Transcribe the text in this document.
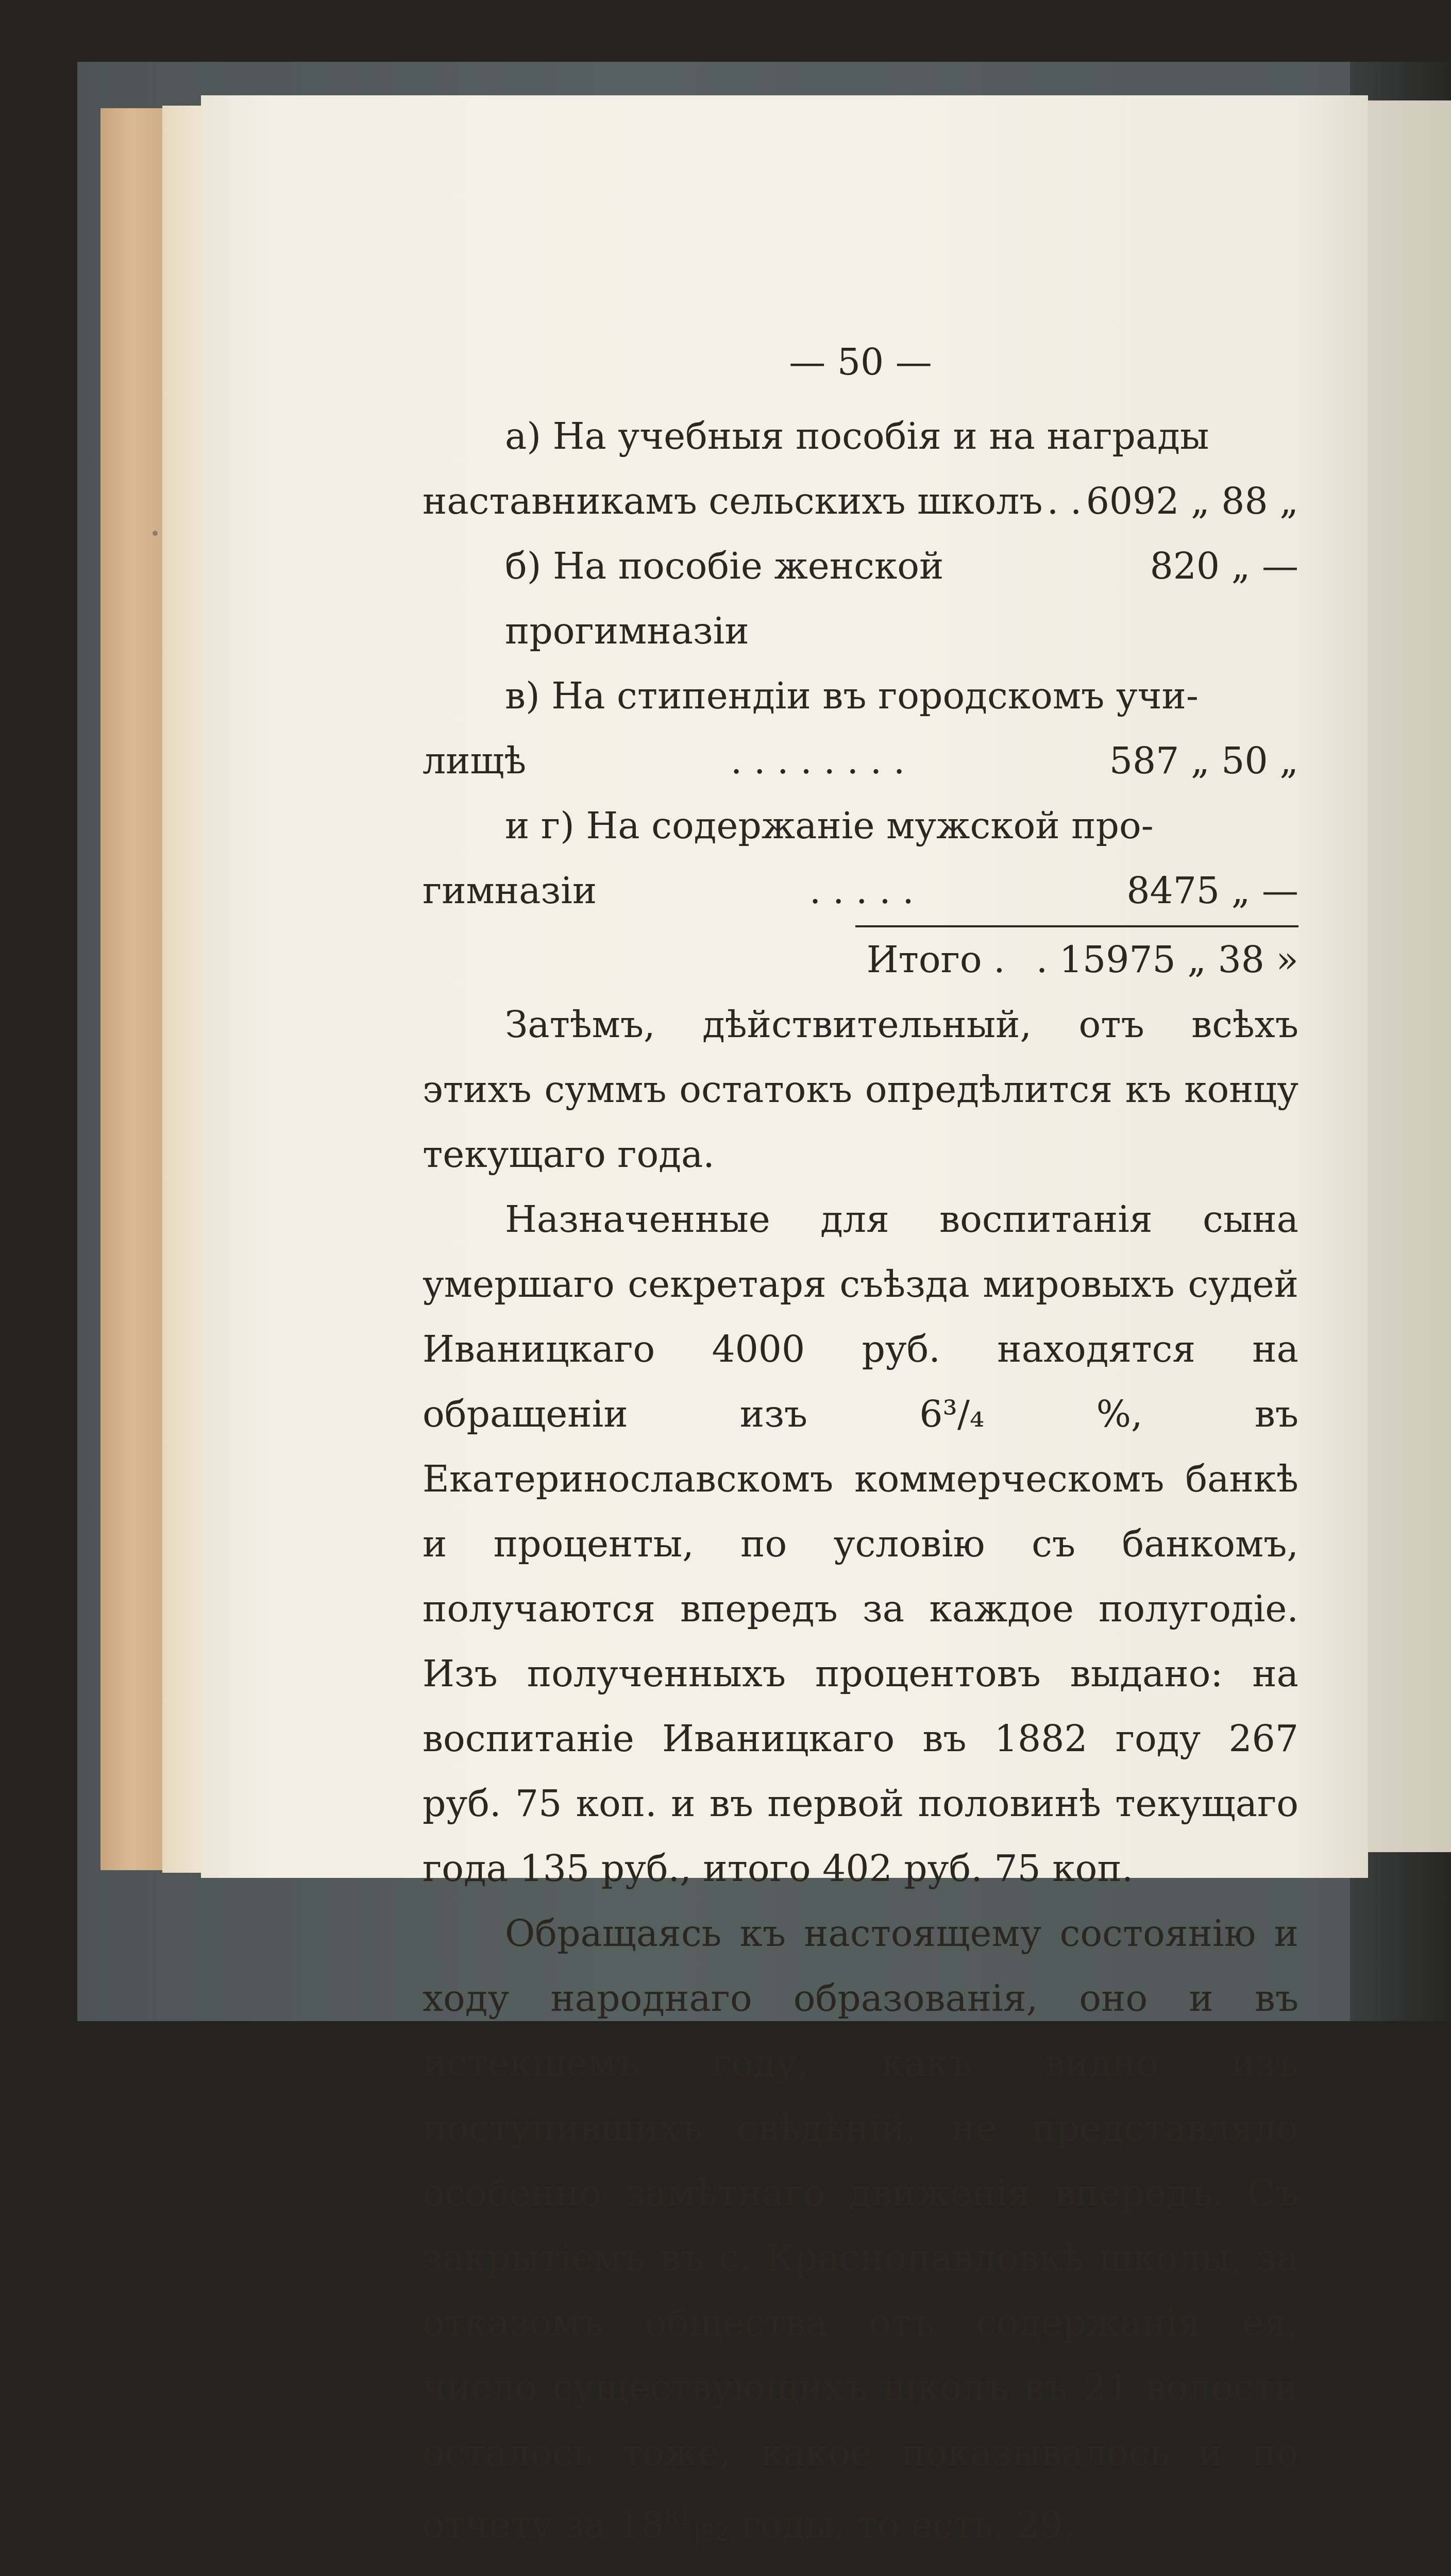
— 50 —
а) На учебныя пособія и на награды
наставникамъ сельскихъ школъ . . 6092 „ 88 „
б) На пособіе женской прогимназіи
820 „ —
в) На стипендіи въ городскомъ учи-
лищѣ	. . . . . . . .	587 „ 50 „
и г) На содержаніе мужской про-
гимназіи	. . . . .	8475 „ —
Итого . . 15975 „ 38 »

Затѣмъ, дѣйствительный, отъ всѣхъ этихъ суммъ остатокъ опредѣлится къ концу текущаго года.

Назначенные для воспитанія сына умершаго секретаря съѣзда мировыхъ судей Иваницкаго 4000 руб. находятся на обращеніи изъ 6³/₄ %, въ Екатеринославскомъ коммерческомъ банкѣ и проценты, по условію съ банкомъ, получаются впередъ за каждое полугодіе. Изъ полученныхъ процентовъ выдано: на воспитаніе Иваницкаго въ 1882 году 267 руб. 75 коп. и въ первой половинѣ текущаго года 135 руб., итого 402 руб. 75 коп.

Обращаясь къ настоящему состоянію и ходу народнаго образованія, оно и въ истекшемъ году, какъ видно изъ поступившихъ свѣдѣній, не представляло особенно замѣтнаго движенія впередъ. Съ закрытіемъ въ с. Краснопавловкѣ школы, за отказомъ общества отъ содержанія ея, число существующихъ школъ въ 21 волости осталось тоже, какое показывалось и по отчету за $18^{81}_{|82}$ годы, то есть, 29.
